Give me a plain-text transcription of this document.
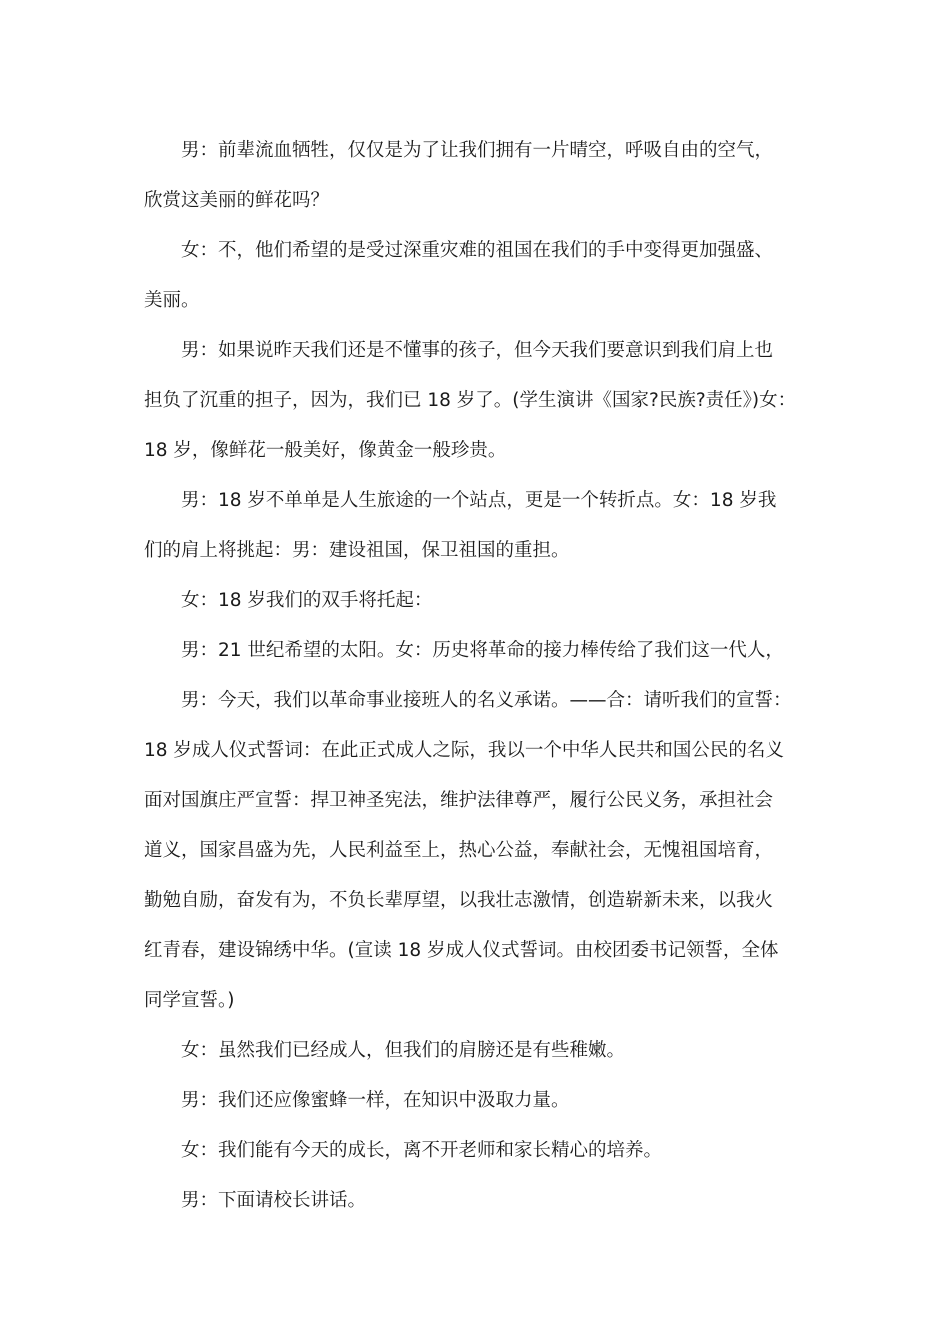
男：前辈流血牺牲，仅仅是为了让我们拥有一片晴空，呼吸自由的空气，

欣赏这美丽的鲜花吗？

女：不，他们希望的是受过深重灾难的祖国在我们的手中变得更加强盛、

美丽。

男：如果说昨天我们还是不懂事的孩子，但今天我们要意识到我们肩上也

担负了沉重的担子，因为，我们已 18 岁了。(学生演讲《国家?民族?责任》)女：

18 岁，像鲜花一般美好，像黄金一般珍贵。

男：18 岁不单单是人生旅途的一个站点，更是一个转折点。女：18 岁我

们的肩上将挑起：男：建设祖国，保卫祖国的重担。

女：18 岁我们的双手将托起：

男：21 世纪希望的太阳。女：历史将革命的接力棒传给了我们这一代人，

男：今天，我们以革命事业接班人的名义承诺。——合：请听我们的宣誓：

18 岁成人仪式誓词：在此正式成人之际，我以一个中华人民共和国公民的名义

面对国旗庄严宣誓：捍卫神圣宪法，维护法律尊严，履行公民义务，承担社会

道义，国家昌盛为先，人民利益至上，热心公益，奉献社会，无愧祖国培育，

勤勉自励，奋发有为，不负长辈厚望，以我壮志激情，创造崭新未来，以我火

红青春，建设锦绣中华。(宣读 18 岁成人仪式誓词。由校团委书记领誓，全体

同学宣誓。)

女：虽然我们已经成人，但我们的肩膀还是有些稚嫩。

男：我们还应像蜜蜂一样，在知识中汲取力量。

女：我们能有今天的成长，离不开老师和家长精心的培养。

男：下面请校长讲话。
